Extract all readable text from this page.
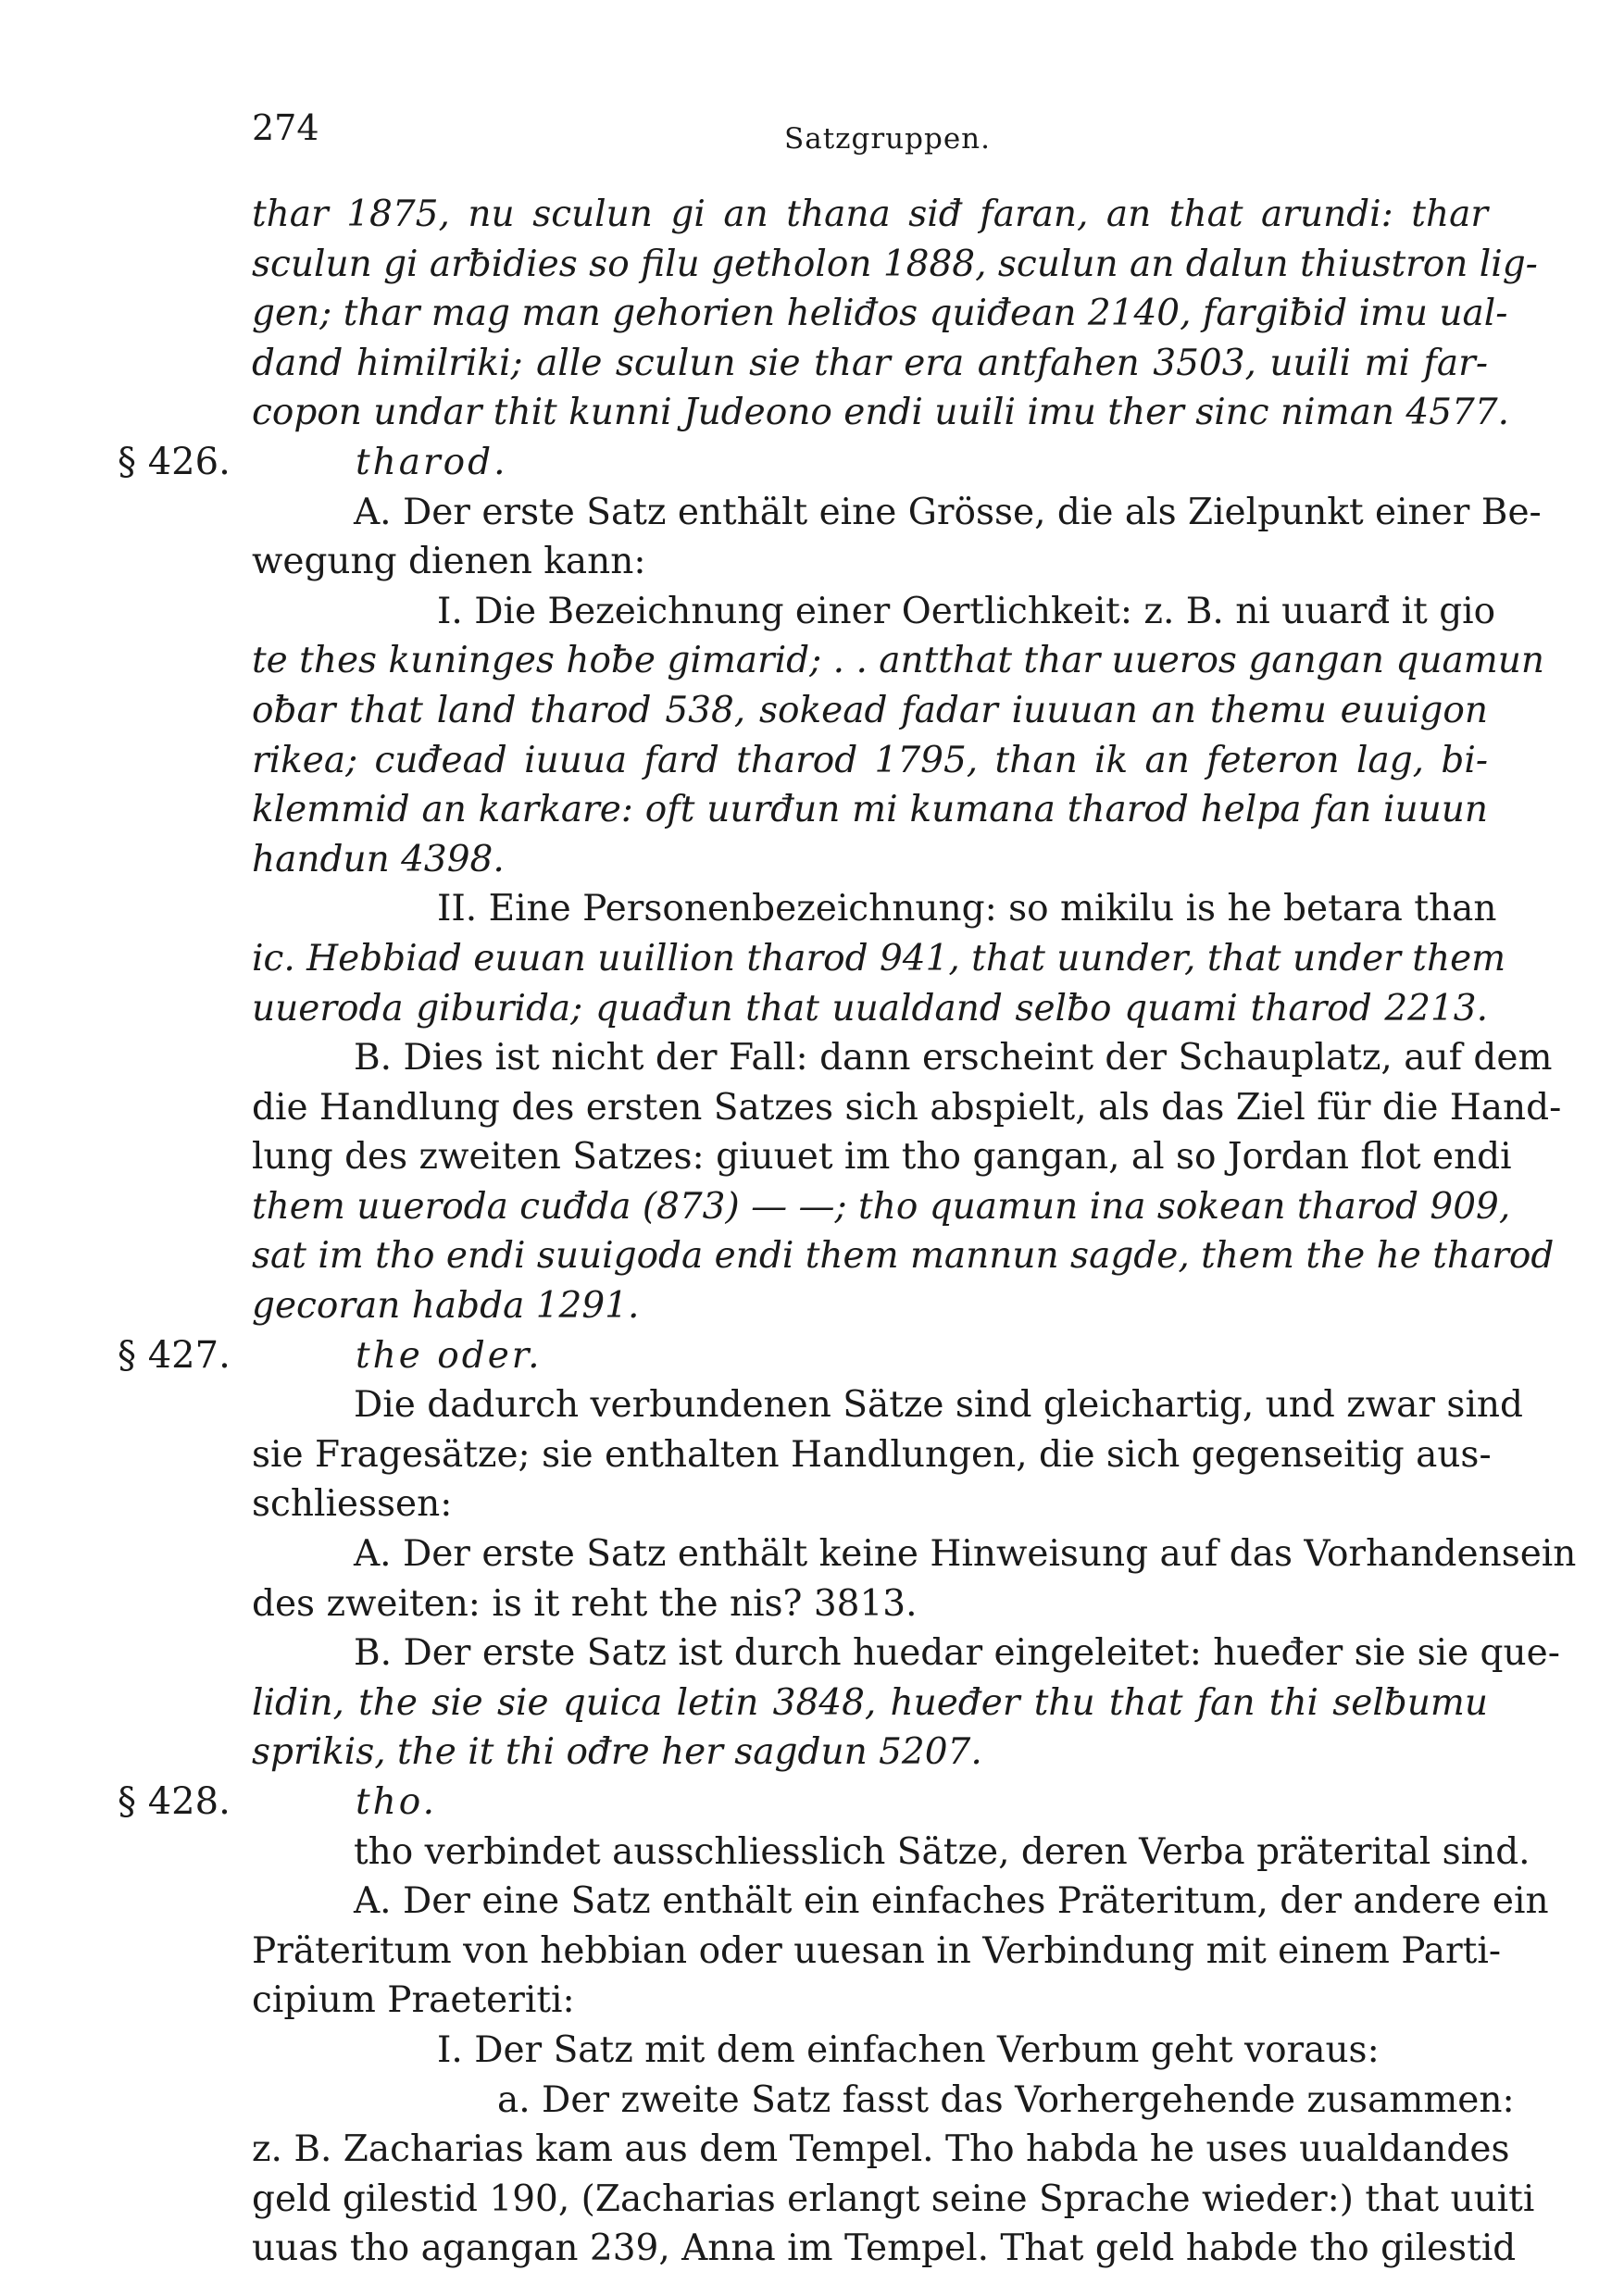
274	Satzgruppen.
thar 1875, nu sculun gi an thana siđ faran, an that arundi: thar
sculun gi arƀidies so filu getholon 1888, sculun an dalun thiustron lig-
gen; thar mag man gehorien heliđos quiđean 2140, fargiƀid imu ual-
dand himilriki; alle sculun sie thar era antfahen 3503, uuili mi far-
copon undar thit kunni Judeono endi uuili imu ther sinc niman 4577.
§ 426.	tharod.
A. Der erste Satz enthält eine Grösse, die als Zielpunkt einer Be-
wegung dienen kann:
I. Die Bezeichnung einer Oertlichkeit: z. B. ni uuarđ it gio
te thes kuninges hoƀe gimarid; . . antthat thar uueros gangan quamun
oƀar that land tharod 538, sokead fadar iuuuan an themu euuigon
rikea; cuđead iuuua fard tharod 1795, than ik an feteron lag, bi-
klemmid an karkare: oft uurđun mi kumana tharod helpa fan iuuun
handun 4398.
II. Eine Personenbezeichnung: so mikilu is he betara than
ic. Hebbiad euuan uuillion tharod 941, that uunder, that under them
uueroda giburida; quađun that uualdand selƀo quami tharod 2213.
B. Dies ist nicht der Fall: dann erscheint der Schauplatz, auf dem
die Handlung des ersten Satzes sich abspielt, als das Ziel für die Hand-
lung des zweiten Satzes: giuuet im tho gangan, al so Jordan flot endi
them uueroda cuđda (873) — —; tho quamun ina sokean tharod 909,
sat im tho endi suuigoda endi them mannun sagde, them the he tharod
gecoran habda 1291.
§ 427.	the oder.
Die dadurch verbundenen Sätze sind gleichartig, und zwar sind
sie Fragesätze; sie enthalten Handlungen, die sich gegenseitig aus-
schliessen:
A. Der erste Satz enthält keine Hinweisung auf das Vorhandensein
des zweiten: is it reht the nis? 3813.
B. Der erste Satz ist durch huedar eingeleitet: hueđer sie sie que-
lidin, the sie sie quica letin 3848, hueđer thu that fan thi selƀumu
sprikis, the it thi ođre her sagdun 5207.
§ 428.	tho.
tho verbindet ausschliesslich Sätze, deren Verba präterital sind.
A. Der eine Satz enthält ein einfaches Präteritum, der andere ein
Präteritum von hebbian oder uuesan in Verbindung mit einem Parti-
cipium Praeteriti:
I. Der Satz mit dem einfachen Verbum geht voraus:
a. Der zweite Satz fasst das Vorhergehende zusammen:
z. B. Zacharias kam aus dem Tempel. Tho habda he uses uualdandes
geld gilestid 190, (Zacharias erlangt seine Sprache wieder:) that uuiti
uuas tho agangan 239, Anna im Tempel. That geld habde tho gilestid
